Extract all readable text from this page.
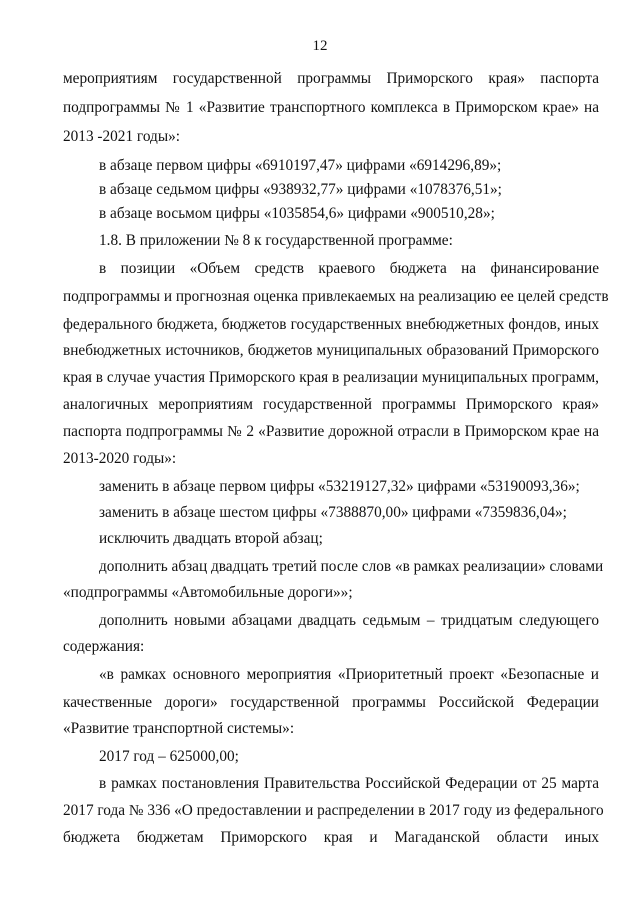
12
мероприятиям государственной программы Приморского края» паспорта
подпрограммы № 1 «Развитие транспортного комплекса в Приморском крае» на
2013 -2021 годы»:
в абзаце первом цифры «6910197,47» цифрами «6914296,89»;
в абзаце седьмом цифры «938932,77» цифрами «1078376,51»;
в абзаце восьмом цифры «1035854,6» цифрами «900510,28»;
1.8. В приложении № 8 к государственной программе:
в позиции «Объем средств краевого бюджета на финансирование
подпрограммы и прогнозная оценка привлекаемых на реализацию ее целей средств
федерального бюджета, бюджетов государственных внебюджетных фондов, иных
внебюджетных источников, бюджетов муниципальных образований Приморского
края в случае участия Приморского края в реализации муниципальных программ,
аналогичных мероприятиям государственной программы Приморского края»
паспорта подпрограммы № 2 «Развитие дорожной отрасли в Приморском крае на
2013-2020 годы»:
заменить в абзаце первом цифры «53219127,32» цифрами «53190093,36»;
заменить в абзаце шестом цифры «7388870,00» цифрами «7359836,04»;
исключить двадцать второй абзац;
дополнить абзац двадцать третий после слов «в рамках реализации» словами
«подпрограммы «Автомобильные дороги»»;
дополнить новыми абзацами двадцать седьмым – тридцатым следующего
содержания:
«в рамках основного мероприятия «Приоритетный проект «Безопасные и
качественные дороги» государственной программы Российской Федерации
«Развитие транспортной системы»:
2017 год – 625000,00;
в рамках постановления Правительства Российской Федерации от 25 марта
2017 года № 336 «О предоставлении и распределении в 2017 году из федерального
бюджета бюджетам Приморского края и Магаданской области иных
